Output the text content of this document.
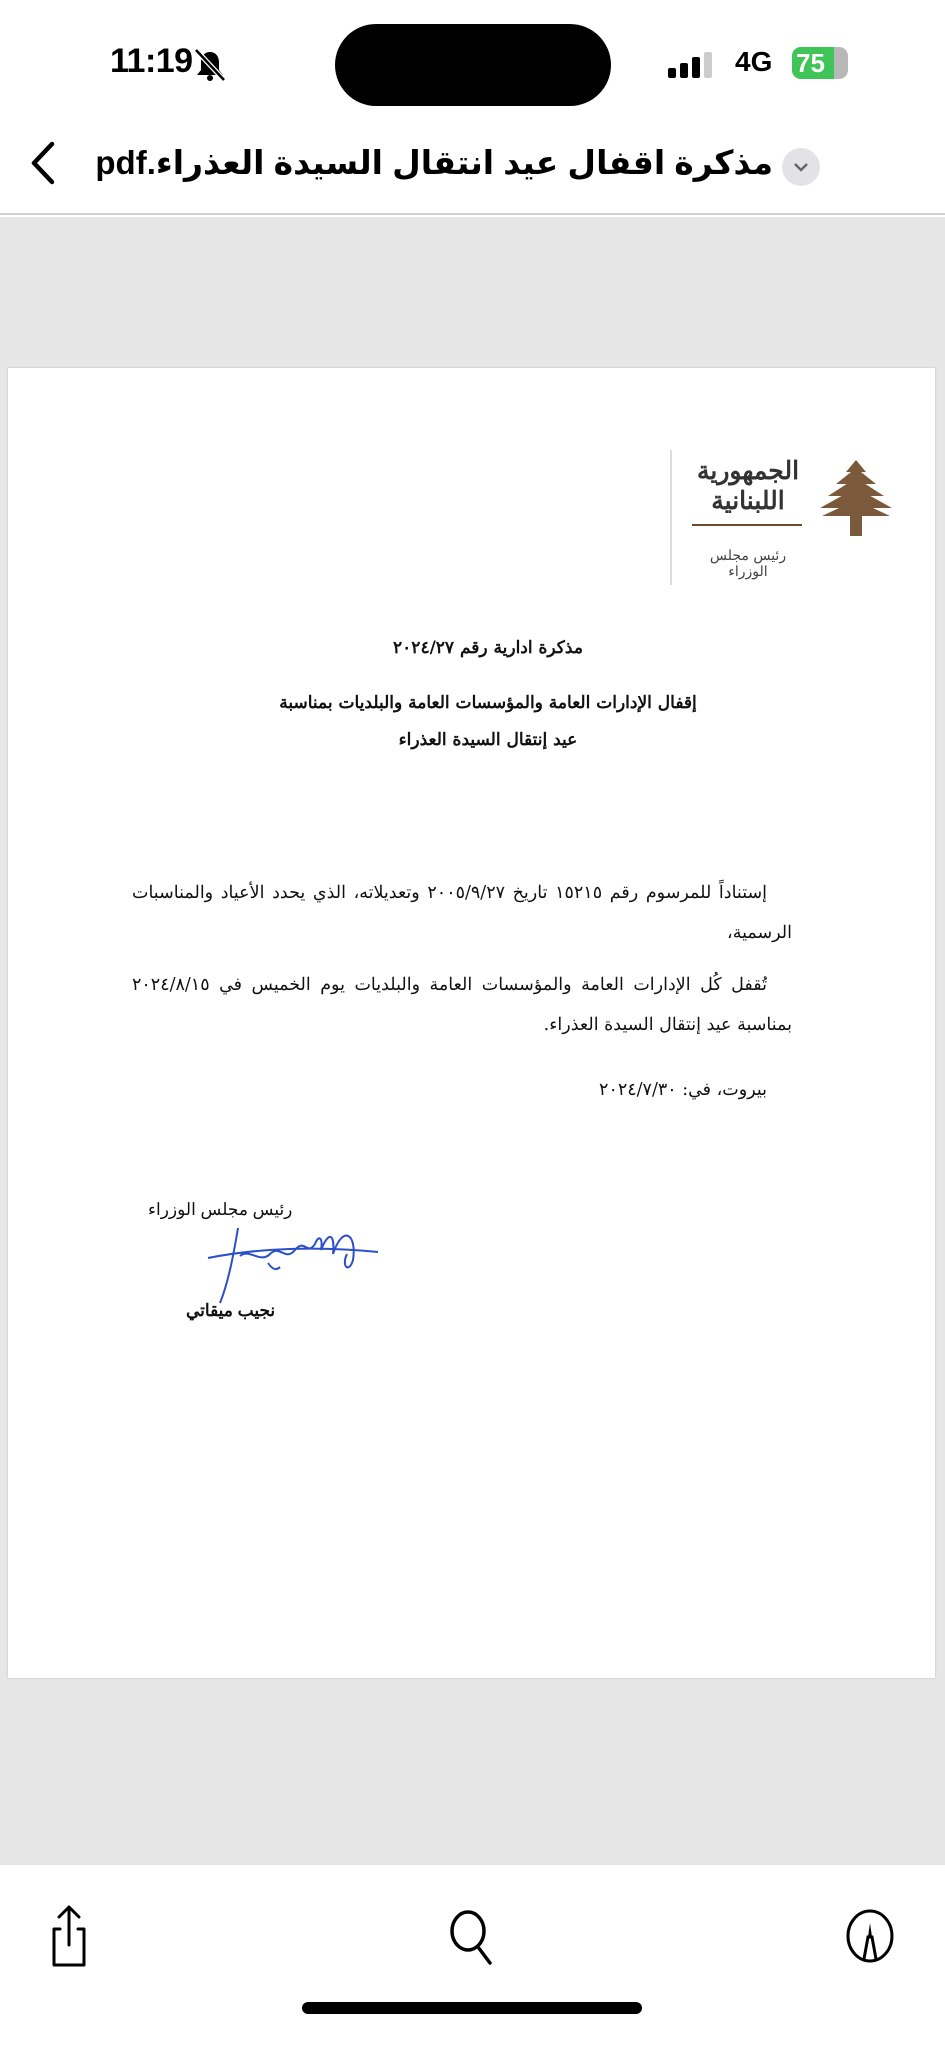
11:19	4G 75
مذكرة اقفال عيد انتقال السيدة العذراء.pdf
الجمهورية اللبنانية
رئيس مجلس الوزراء
مذكرة ادارية رقم ٢٠٢٤/٢٧
إقفال الإدارات العامة والمؤسسات العامة والبلديات بمناسبة
عيد إنتقال السيدة العذراء
إستناداً للمرسوم رقم ١٥٢١٥ تاريخ ٢٠٠٥/٩/٢٧ وتعديلاته، الذي يحدد الأعياد والمناسبات الرسمية،
تُقفل كُل الإدارات العامة والمؤسسات العامة والبلديات يوم الخميس في ٢٠٢٤/٨/١٥ بمناسبة عيد إنتقال السيدة العذراء.
بيروت، في: ٢٠٢٤/٧/٣٠
رئيس مجلس الوزراء
نجيب ميقاتي
